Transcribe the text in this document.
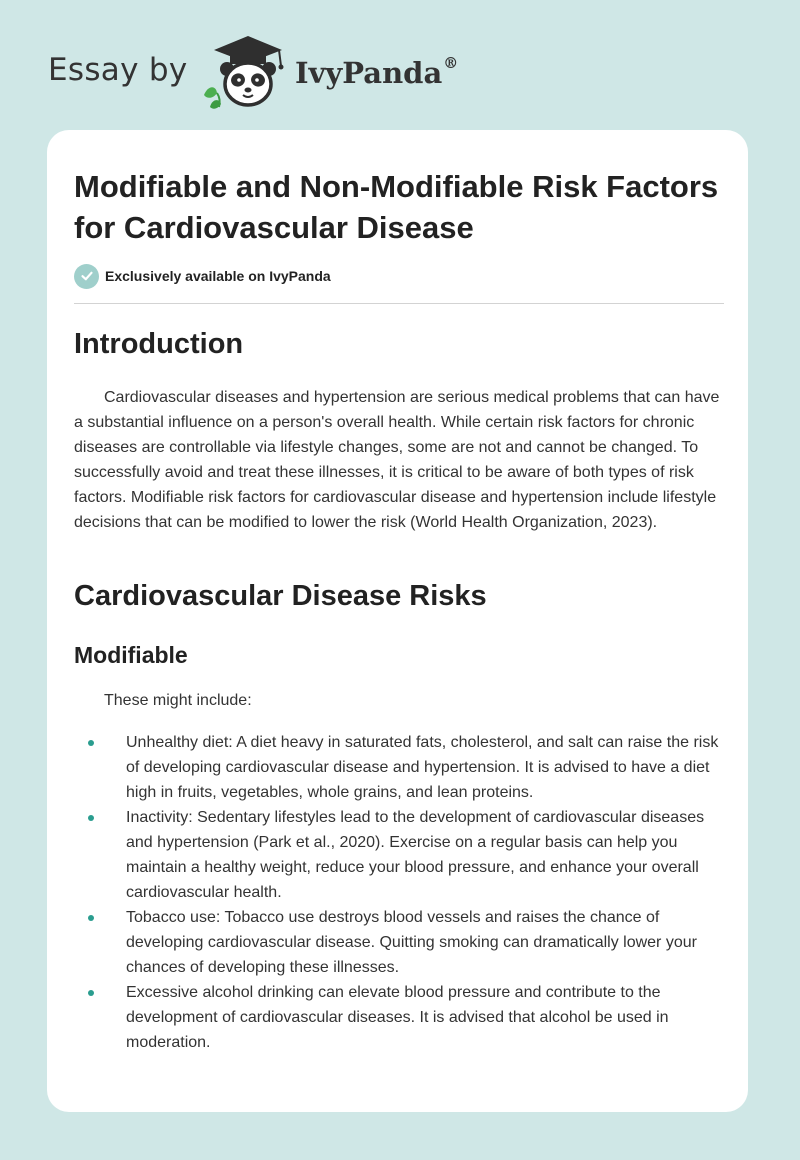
Essay by	IvyPanda®
Modifiable and Non-Modifiable Risk Factors for Cardiovascular Disease
Exclusively available on IvyPanda
Introduction

Cardiovascular diseases and hypertension are serious medical problems that can have a substantial influence on a person's overall health. While certain risk factors for chronic diseases are controllable via lifestyle changes, some are not and cannot be changed. To successfully avoid and treat these illnesses, it is critical to be aware of both types of risk factors. Modifiable risk factors for cardiovascular disease and hypertension include lifestyle decisions that can be modified to lower the risk (World Health Organization, 2023).

Cardiovascular Disease Risks
Modifiable

These might include:

Unhealthy diet: A diet heavy in saturated fats, cholesterol, and salt can raise the risk of developing cardiovascular disease and hypertension. It is advised to have a diet high in fruits, vegetables, whole grains, and lean proteins.
Inactivity: Sedentary lifestyles lead to the development of cardiovascular diseases and hypertension (Park et al., 2020). Exercise on a regular basis can help you maintain a healthy weight, reduce your blood pressure, and enhance your overall cardiovascular health.
Tobacco use: Tobacco use destroys blood vessels and raises the chance of developing cardiovascular disease. Quitting smoking can dramatically lower your chances of developing these illnesses.
Excessive alcohol drinking can elevate blood pressure and contribute to the development of cardiovascular diseases. It is advised that alcohol be used in moderation.
